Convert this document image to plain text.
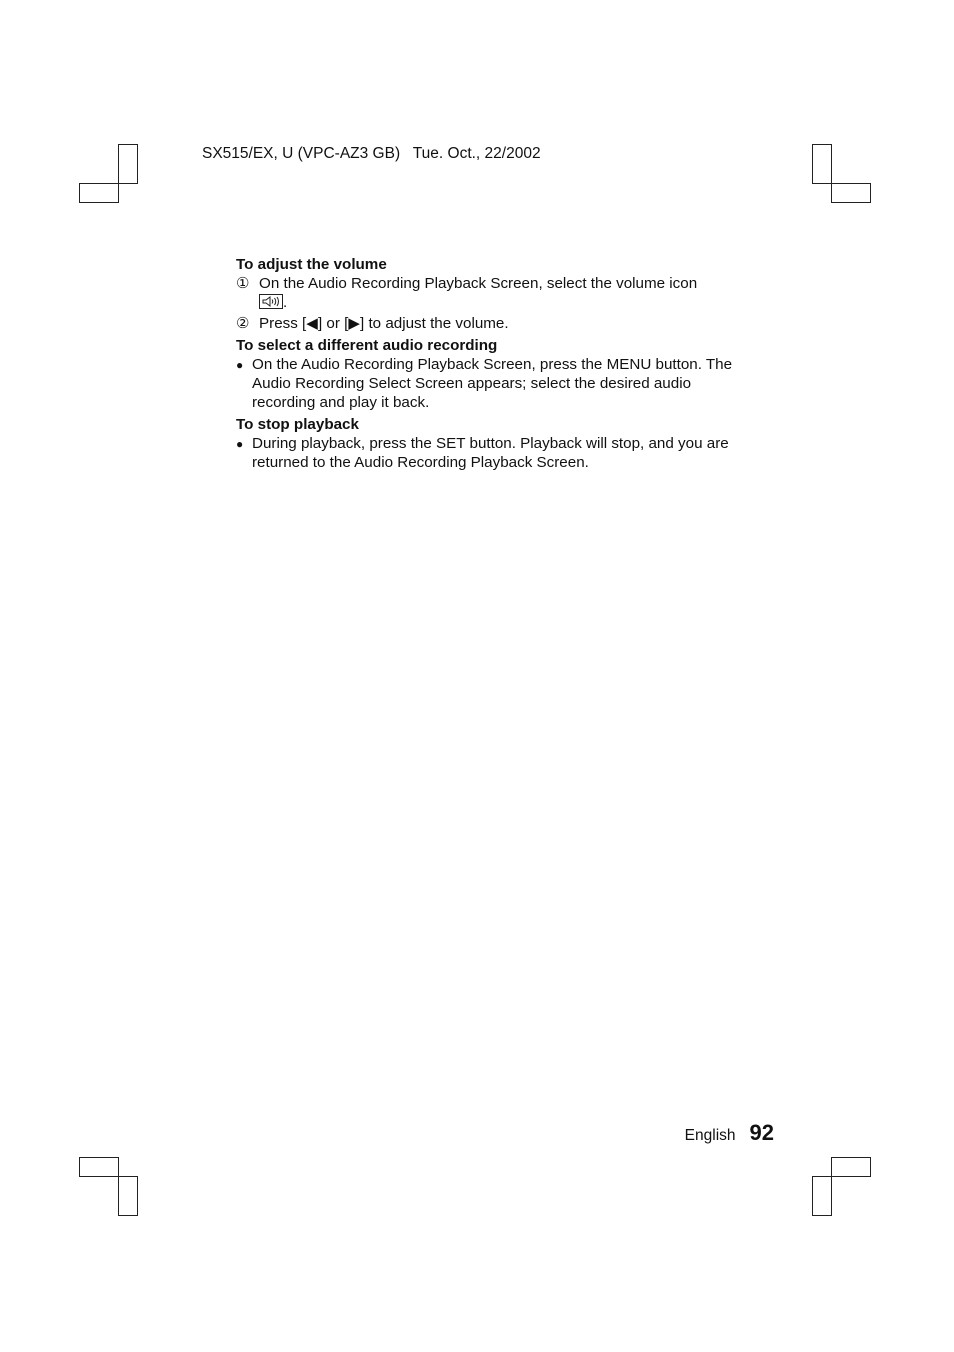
SX515/EX, U (VPC-AZ3 GB) Tue. Oct., 22/2002

To adjust the volume

① On the Audio Recording Playback Screen, select the volume icon

.

② Press [◀] or [▶] to adjust the volume.

To select a different audio recording

● On the Audio Recording Playback Screen, press the MENU button. The Audio Recording Select Screen appears; select the desired audio recording and play it back.

To stop playback

● During playback, press the SET button. Playback will stop, and you are returned to the Audio Recording Playback Screen.

English 92
